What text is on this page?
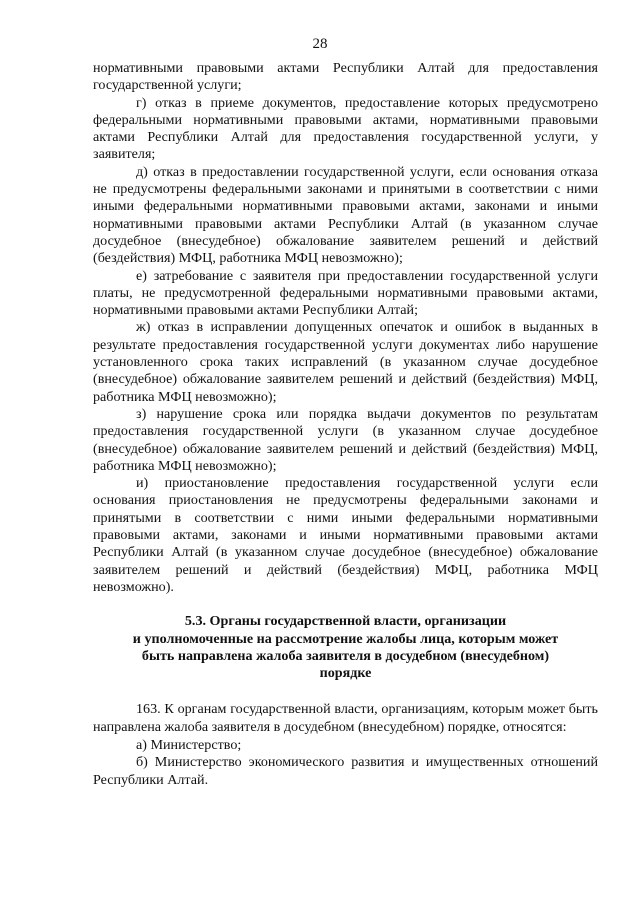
28

нормативными правовыми актами Республики Алтай для предоставления государственной услуги;

г) отказ в приеме документов, предоставление которых предусмотрено федеральными нормативными правовыми актами, нормативными правовыми актами Республики Алтай для предоставления государственной услуги, у заявителя;

д) отказ в предоставлении государственной услуги, если основания отказа не предусмотрены федеральными законами и принятыми в соответствии с ними иными федеральными нормативными правовыми актами, законами и иными нормативными правовыми актами Республики Алтай (в указанном случае досудебное (внесудебное) обжалование заявителем решений и действий (бездействия) МФЦ, работника МФЦ невозможно);

е) затребование с заявителя при предоставлении государственной услуги платы, не предусмотренной федеральными нормативными правовыми актами, нормативными правовыми актами Республики Алтай;

ж) отказ в исправлении допущенных опечаток и ошибок в выданных в результате предоставления государственной услуги документах либо нарушение установленного срока таких исправлений (в указанном случае досудебное (внесудебное) обжалование заявителем решений и действий (бездействия) МФЦ, работника МФЦ невозможно);

з) нарушение срока или порядка выдачи документов по результатам предоставления государственной услуги (в указанном случае досудебное (внесудебное) обжалование заявителем решений и действий (бездействия) МФЦ, работника МФЦ невозможно);

и) приостановление предоставления государственной услуги если основания приостановления не предусмотрены федеральными законами и принятыми в соответствии с ними иными федеральными нормативными правовыми актами, законами и иными нормативными правовыми актами Республики Алтай (в указанном случае досудебное (внесудебное) обжалование заявителем решений и действий (бездействия) МФЦ, работника МФЦ невозможно).

5.3. Органы государственной власти, организации
и уполномоченные на рассмотрение жалобы лица, которым может
быть направлена жалоба заявителя в досудебном (внесудебном)
порядке

163. К органам государственной власти, организациям, которым может быть направлена жалоба заявителя в досудебном (внесудебном) порядке, относятся:

а) Министерство;

б) Министерство экономического развития и имущественных отношений Республики Алтай.
